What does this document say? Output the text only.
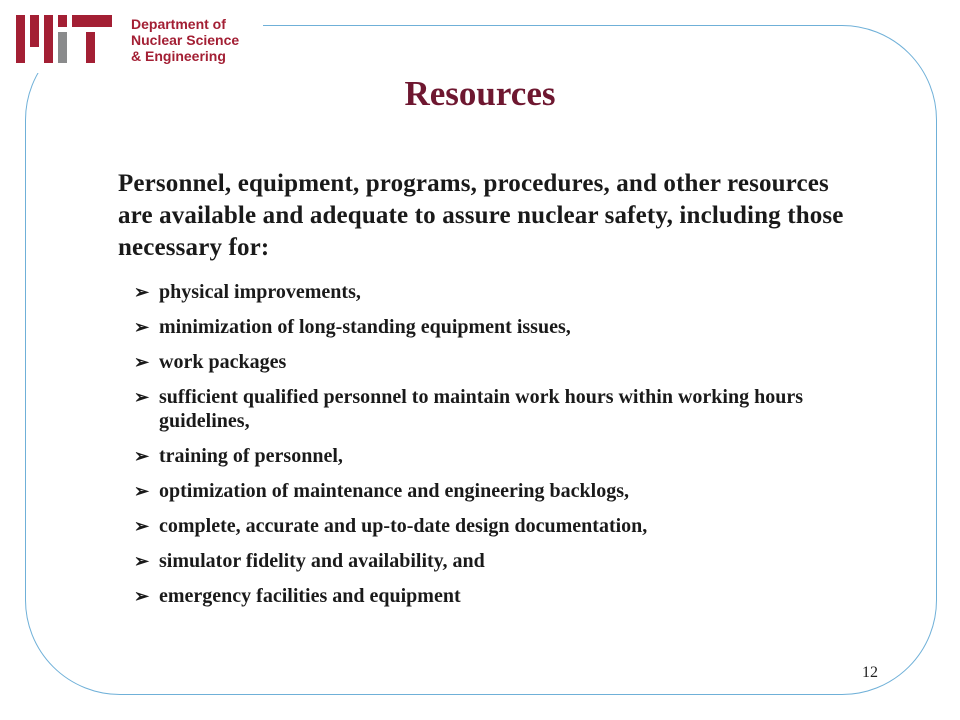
Department of
Nuclear Science
& Engineering

Resources

Personnel, equipment, programs, procedures, and other resources are available and adequate to assure nuclear safety, including those necessary for:

➢ physical improvements,
➢ minimization of long-standing equipment issues,
➢ work packages
➢ sufficient qualified personnel to maintain work hours within working hours guidelines,
➢ training of personnel,
➢ optimization of maintenance and engineering backlogs,
➢ complete, accurate and up-to-date design documentation,
➢ simulator fidelity and availability, and
➢ emergency facilities and equipment

12
